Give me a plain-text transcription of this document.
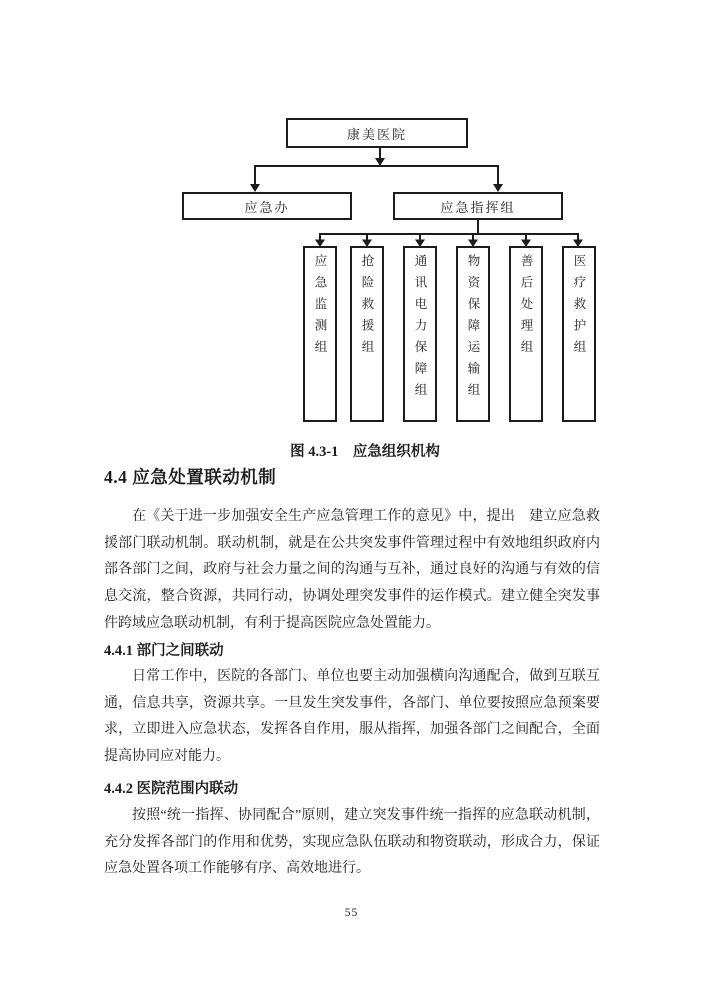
康美医院
应急办	应急指挥组
应急监测组	抢险救援组	通讯电力保障组	物资保障运输组	善后处理组	医疗救护组
图 4.3-1　应急组织机构
4.4 应急处置联动机制
在《关于进一步加强安全生产应急管理工作的意见》中，提出　建立应急救
援部门联动机制。联动机制，就是在公共突发事件管理过程中有效地组织政府内
部各部门之间，政府与社会力量之间的沟通与互补，通过良好的沟通与有效的信
息交流，整合资源，共同行动，协调处理突发事件的运作模式。建立健全突发事
件跨域应急联动机制，有利于提高医院应急处置能力。
4.4.1 部门之间联动
日常工作中，医院的各部门、单位也要主动加强横向沟通配合，做到互联互
通，信息共享，资源共享。一旦发生突发事件，各部门、单位要按照应急预案要
求，立即进入应急状态，发挥各自作用，服从指挥，加强各部门之间配合，全面
提高协同应对能力。
4.4.2 医院范围内联动
按照“统一指挥、协同配合”原则，建立突发事件统一指挥的应急联动机制，
充分发挥各部门的作用和优势，实现应急队伍联动和物资联动，形成合力，保证
应急处置各项工作能够有序、高效地进行。
55
